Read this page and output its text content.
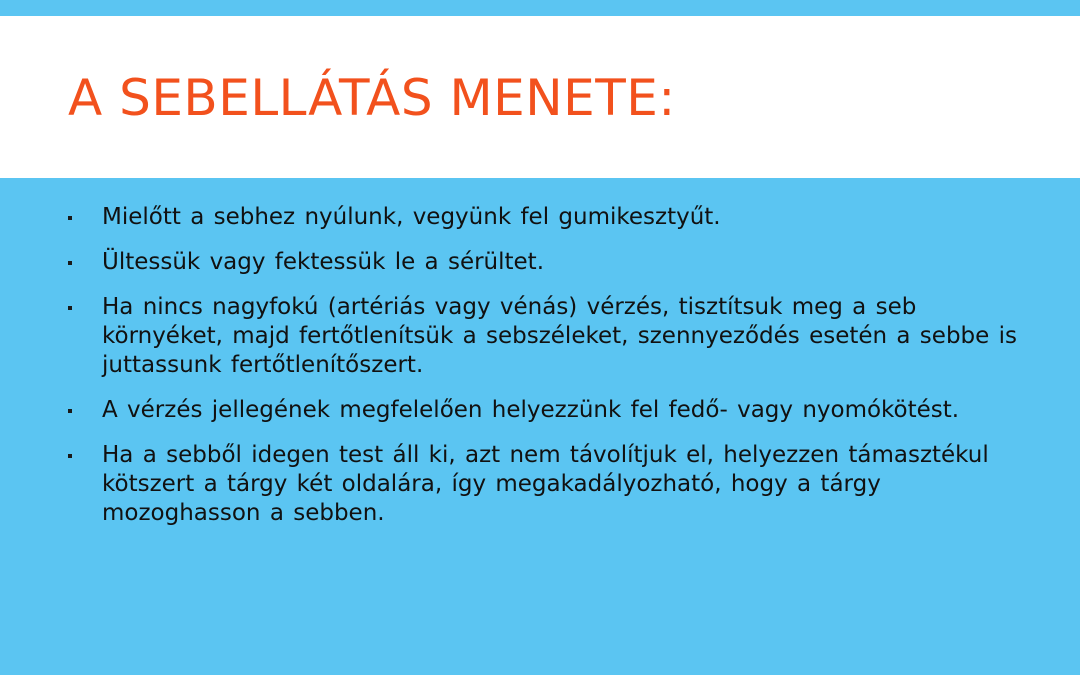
A SEBELLÁTÁS MENETE:
Mielőtt a sebhez nyúlunk, vegyünk fel gumikesztyűt.
Ültessük vagy fektessük le a sérültet.
Ha nincs nagyfokú (artériás vagy vénás) vérzés, tisztítsuk meg a seb környéket, majd fertőtlenítsük a sebszéleket, szennyeződés esetén a sebbe is juttassunk fertőtlenítőszert.
A vérzés jellegének megfelelően helyezzünk fel fedő- vagy nyomókötést.
Ha a sebből idegen test áll ki, azt nem távolítjuk el, helyezzen támasztékul kötszert a tárgy két oldalára, így megakadályozható, hogy a tárgy mozoghasson a sebben.
